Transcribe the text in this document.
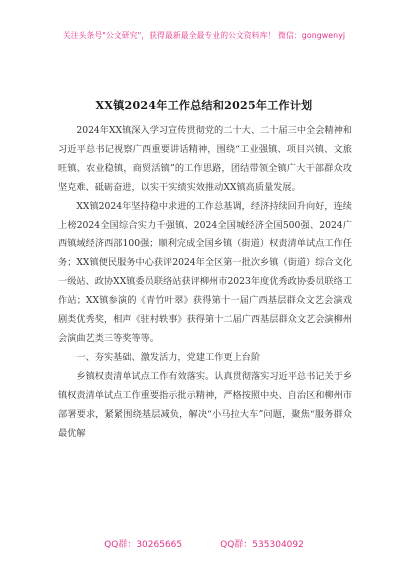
关注头条号"公文研究"，获得最新最全最专业的公文资料库！ 微信：gongwenyj
XX镇2024年工作总结和2025年工作计划

2024年XX镇深入学习宣传贯彻党的二十大、二十届三中全会精神和习近平总书记视察广西重要讲话精神，围绕“工业强镇、项目兴镇、文旅旺镇、农业稳镇，商贸活镇”的工作思路，团结带领全镇广大干部群众攻坚克难、砥砺奋进，以实干实绩实效推动XX镇高质量发展。

XX镇2024年坚持稳中求进的工作总基调，经济持续回升向好，连续上榜2024全国综合实力千强镇、2024全国城经济全国500强、2024广西镇域经济西部100强；顺利完成全国乡镇（街道）权责清单试点工作任务；XX镇便民服务中心获评2024年全区第一批次乡镇（街道）综合文化一级站、政协XX镇委员联络站获评柳州市2023年度优秀政协委员联络工作站；XX镇参演的《青竹叶翠》获得第十一届广西基层群众文艺会演戏剧类优秀奖，相声《驻村轶事》获得第十二届广西基层群众文艺会演柳州会演曲艺类三等奖等等。

一、夯实基础、激发活力，党建工作更上台阶

乡镇权责清单试点工作有效落实。认真贯彻落实习近平总书记关于乡镇权责清单试点工作重要指示批示精神，严格按照中央、自治区和柳州市部署要求，紧紧围绕基层减负，解决“小马拉大车”问题，聚焦“服务群众最优解

QQ群：30265665	QQ群：535304092
